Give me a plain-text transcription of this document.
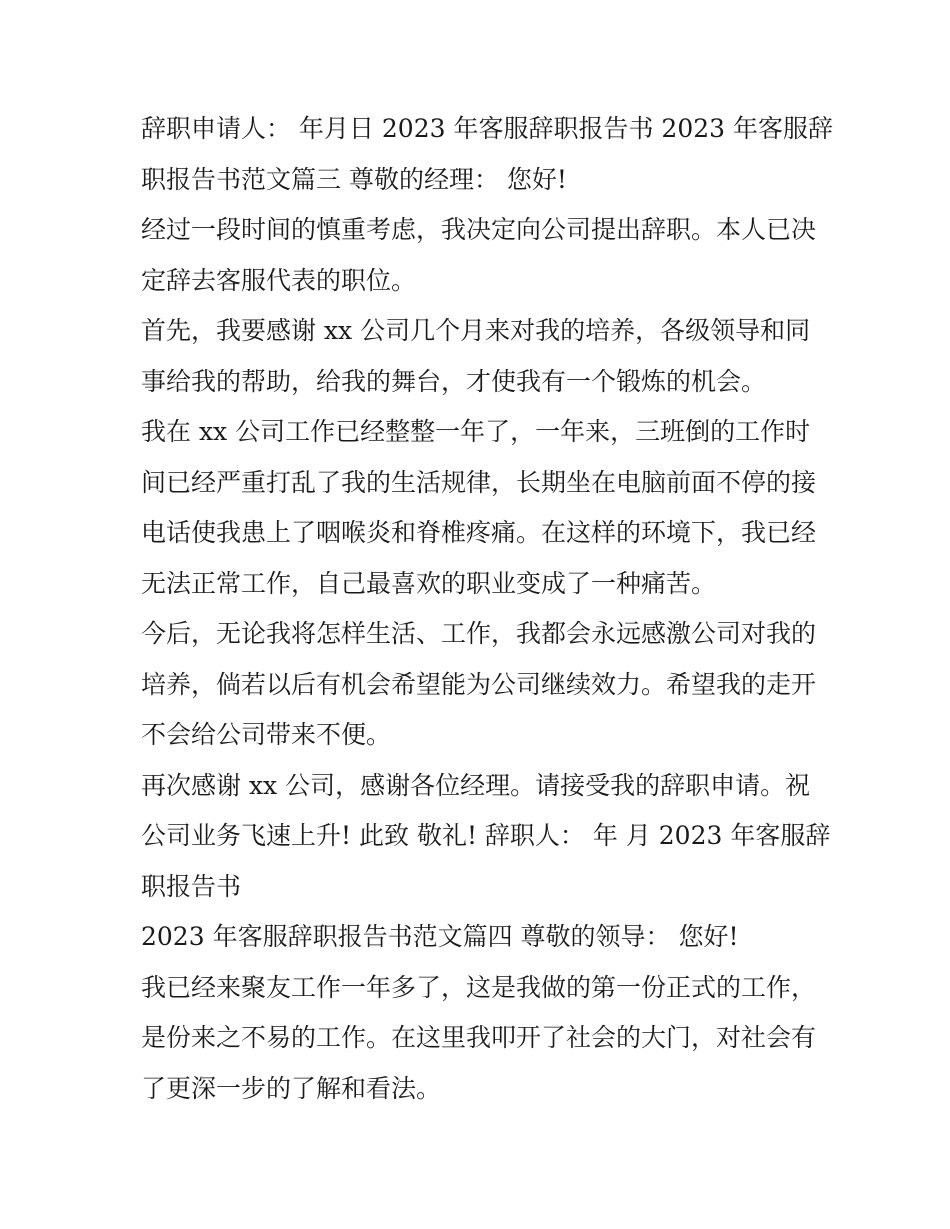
辞职申请人： 年月日 2023 年客服辞职报告书 2023 年客服辞
职报告书范文篇三 尊敬的经理： 您好!
经过一段时间的慎重考虑，我决定向公司提出辞职。本人已决
定辞去客服代表的职位。
首先，我要感谢 xx 公司几个月来对我的培养，各级领导和同
事给我的帮助，给我的舞台，才使我有一个锻炼的机会。
我在 xx 公司工作已经整整一年了，一年来，三班倒的工作时
间已经严重打乱了我的生活规律，长期坐在电脑前面不停的接
电话使我患上了咽喉炎和脊椎疼痛。在这样的环境下，我已经
无法正常工作，自己最喜欢的职业变成了一种痛苦。
今后，无论我将怎样生活、工作，我都会永远感激公司对我的
培养，倘若以后有机会希望能为公司继续效力。希望我的走开
不会给公司带来不便。
再次感谢 xx 公司，感谢各位经理。请接受我的辞职申请。祝
公司业务飞速上升! 此致 敬礼! 辞职人： 年 月 2023 年客服辞
职报告书
2023 年客服辞职报告书范文篇四 尊敬的领导： 您好!
我已经来聚友工作一年多了，这是我做的第一份正式的工作，
是份来之不易的工作。在这里我叩开了社会的大门，对社会有
了更深一步的了解和看法。
